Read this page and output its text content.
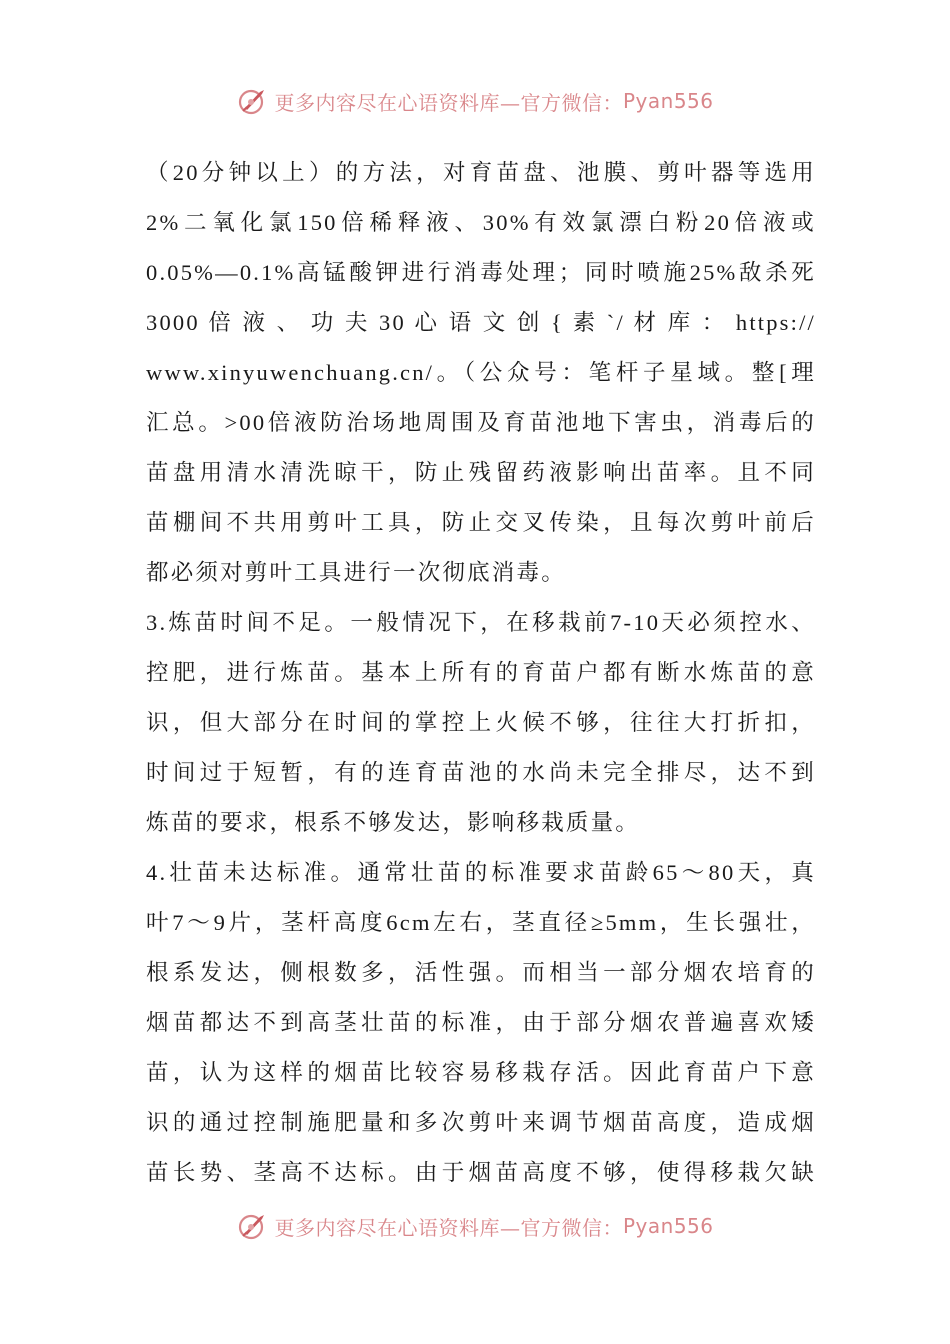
更多内容尽在心语资料库—官方微信： Pyan556
（20分钟以上）的方法，对育苗盘、池膜、剪叶器等选用
2%二氧化氯150倍稀释液、30%有效氯漂白粉20倍液或
0.05%—0.1%高锰酸钾进行消毒处理；同时喷施25%敌杀死
3000 倍 液 、 功 夫 30 心 语 文 创 { 素 `/ 材 库 ： https://
www.xinyuwenchuang.cn/。（公众号：笔杆子星域。整[理
汇总。>00倍液防治场地周围及育苗池地下害虫，消毒后的
苗盘用清水清洗晾干，防止残留药液影响出苗率。且不同
苗棚间不共用剪叶工具，防止交叉传染，且每次剪叶前后
都必须对剪叶工具进行一次彻底消毒。
3.炼苗时间不足。一般情况下，在移栽前7-10天必须控水、
控肥，进行炼苗。基本上所有的育苗户都有断水炼苗的意
识，但大部分在时间的掌控上火候不够，往往大打折扣，
时间过于短暂，有的连育苗池的水尚未完全排尽，达不到
炼苗的要求，根系不够发达，影响移栽质量。
4.壮苗未达标准。通常壮苗的标准要求苗龄65～80天，真
叶7～9片，茎杆高度6cm左右，茎直径≥5mm，生长强壮，
根系发达，侧根数多，活性强。而相当一部分烟农培育的
烟苗都达不到高茎壮苗的标准，由于部分烟农普遍喜欢矮
苗，认为这样的烟苗比较容易移栽存活。因此育苗户下意
识的通过控制施肥量和多次剪叶来调节烟苗高度，造成烟
苗长势、茎高不达标。由于烟苗高度不够，使得移栽欠缺
更多内容尽在心语资料库—官方微信： Pyan556
